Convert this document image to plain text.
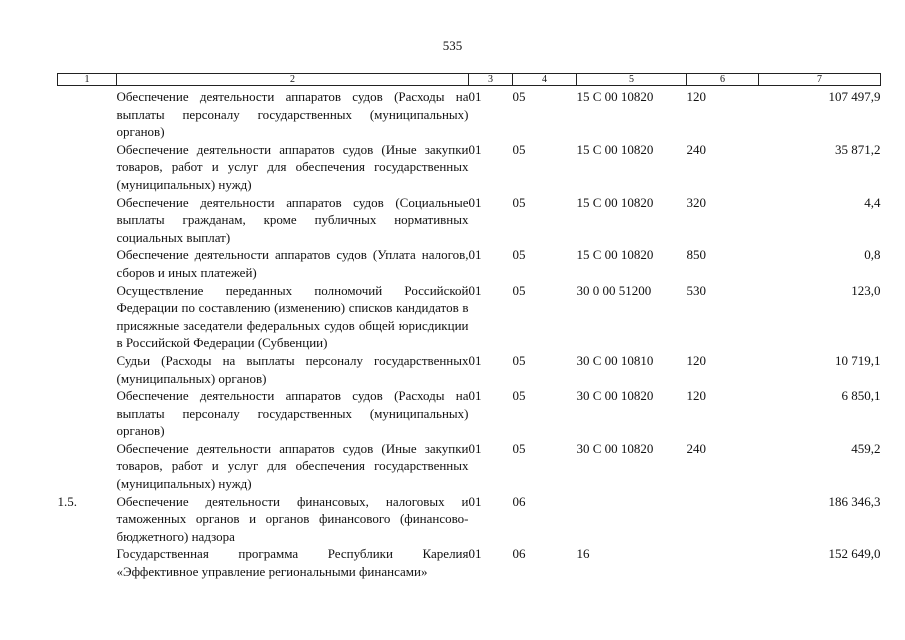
535
1	2	3	4	5	6	7
	Обеспечение деятельности аппаратов судов (Расходы на выплаты персоналу государственных (муниципальных) органов)	01	05	15 С 00 10820	120	107 497,9
	Обеспечение деятельности аппаратов судов (Иные закупки товаров, работ и услуг для обеспечения государственных (муниципальных) нужд)	01	05	15 С 00 10820	240	35 871,2
	Обеспечение деятельности аппаратов судов (Социальные выплаты гражданам, кроме публичных нормативных социальных выплат)	01	05	15 С 00 10820	320	4,4
	Обеспечение деятельности аппаратов судов (Уплата налогов, сборов и иных платежей)	01	05	15 С 00 10820	850	0,8
	Осуществление переданных полномочий Российской Федерации по составлению (изменению) списков кандидатов в присяжные заседатели федеральных судов общей юрисдикции в Российской Федерации (Субвенции)	01	05	30 0 00 51200	530	123,0
	Судьи (Расходы на выплаты персоналу государственных (муниципальных) органов)	01	05	30 С 00 10810	120	10 719,1
	Обеспечение деятельности аппаратов судов (Расходы на выплаты персоналу государственных (муниципальных) органов)	01	05	30 С 00 10820	120	6 850,1
	Обеспечение деятельности аппаратов судов (Иные закупки товаров, работ и услуг для обеспечения государственных (муниципальных) нужд)	01	05	30 С 00 10820	240	459,2
1.5.	Обеспечение деятельности финансовых, налоговых и таможенных органов и органов финансового (финансово-бюджетного) надзора	01	06			186 346,3
	Государственная программа Республики Карелия «Эффективное управление региональными финансами»	01	06	16		152 649,0
